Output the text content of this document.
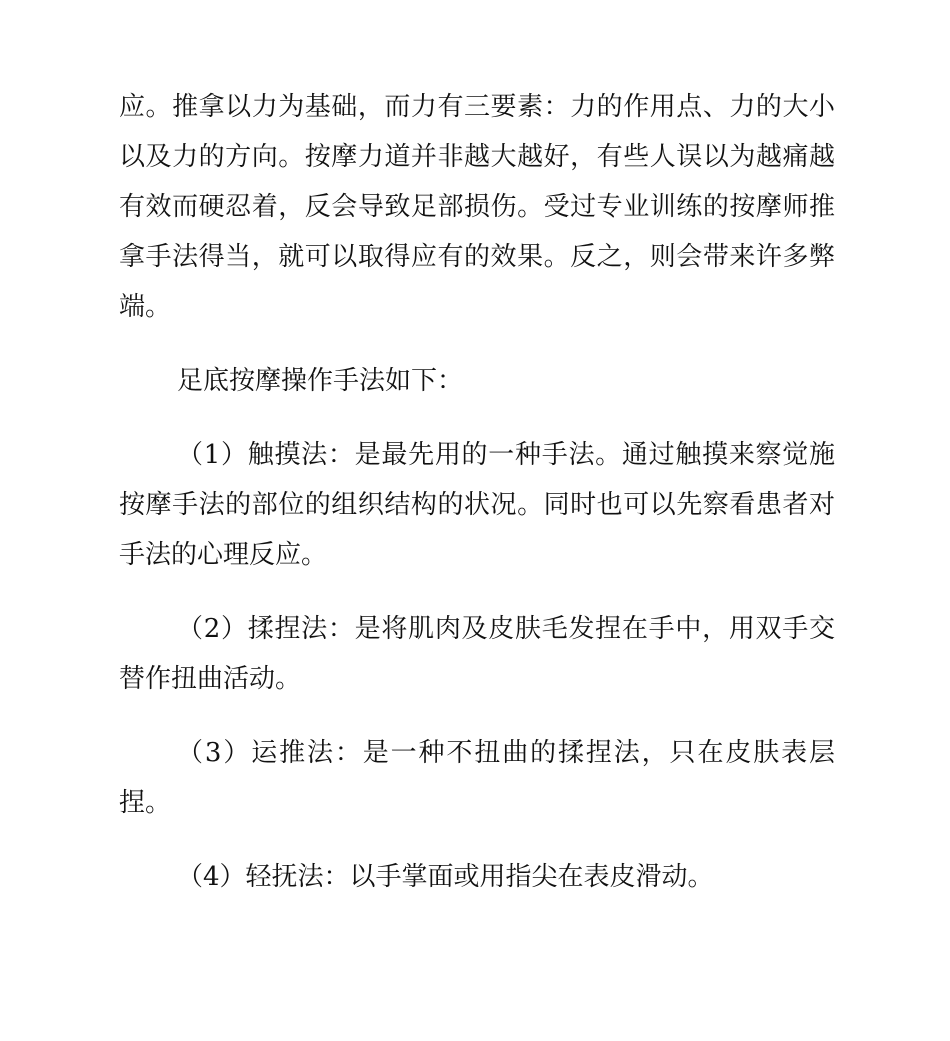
应。推拿以力为基础，而力有三要素：力的作用点、力的大小以及力的方向。按摩力道并非越大越好，有些人误以为越痛越有效而硬忍着，反会导致足部损伤。受过专业训练的按摩师推拿手法得当，就可以取得应有的效果。反之，则会带来许多弊端。

足底按摩操作手法如下：

（1）触摸法：是最先用的一种手法。通过触摸来察觉施按摩手法的部位的组织结构的状况。同时也可以先察看患者对手法的心理反应。

（2）揉捏法：是将肌肉及皮肤毛发捏在手中，用双手交替作扭曲活动。

（3）运推法：是一种不扭曲的揉捏法，只在皮肤表层捏。

（4）轻抚法：以手掌面或用指尖在表皮滑动。
